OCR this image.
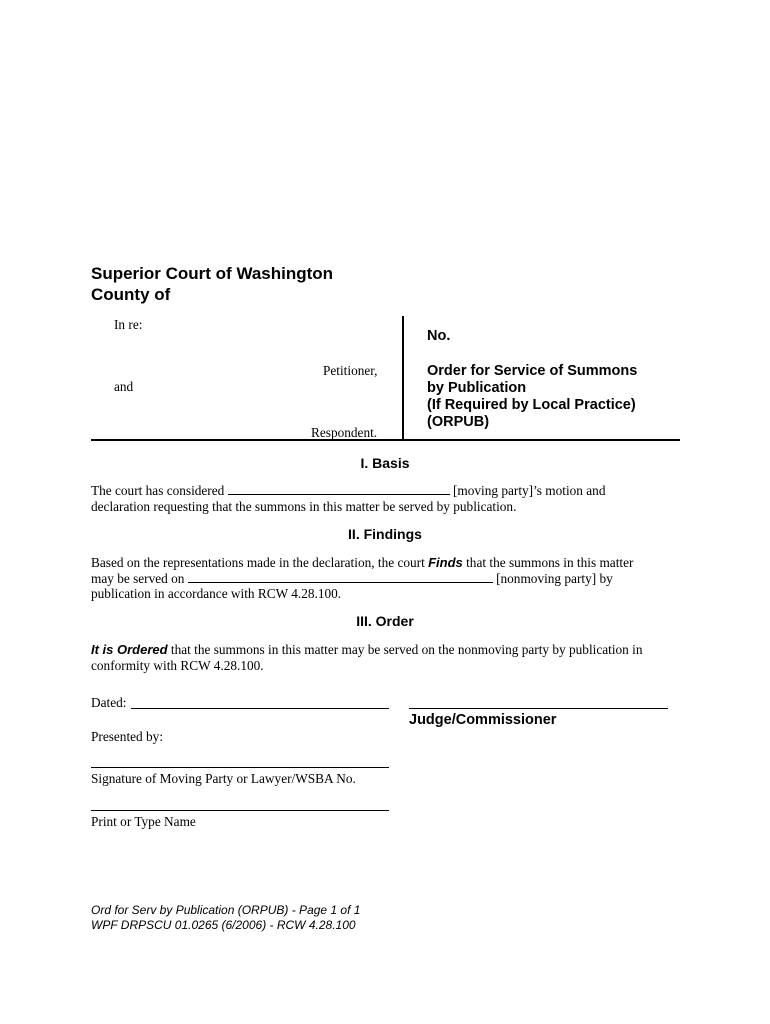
Superior Court of Washington
County of
In re:
Petitioner,
and
Respondent.
No.
Order for Service of Summons
by Publication
(If Required by Local Practice)
(ORPUB)
I. Basis
The court has considered	[moving party]’s motion and
declaration requesting that the summons in this matter be served by publication.
II. Findings
Based on the representations made in the declaration, the court Finds that the summons in this matter
may be served on	[nonmoving party] by
publication in accordance with RCW 4.28.100.
III. Order
It is Ordered that the summons in this matter may be served on the nonmoving party by publication in
conformity with RCW 4.28.100.
Dated:
Judge/Commissioner
Presented by:
Signature of Moving Party or Lawyer/WSBA No.
Print or Type Name
Ord for Serv by Publication (ORPUB) - Page 1 of 1
WPF DRPSCU 01.0265 (6/2006) - RCW 4.28.100
